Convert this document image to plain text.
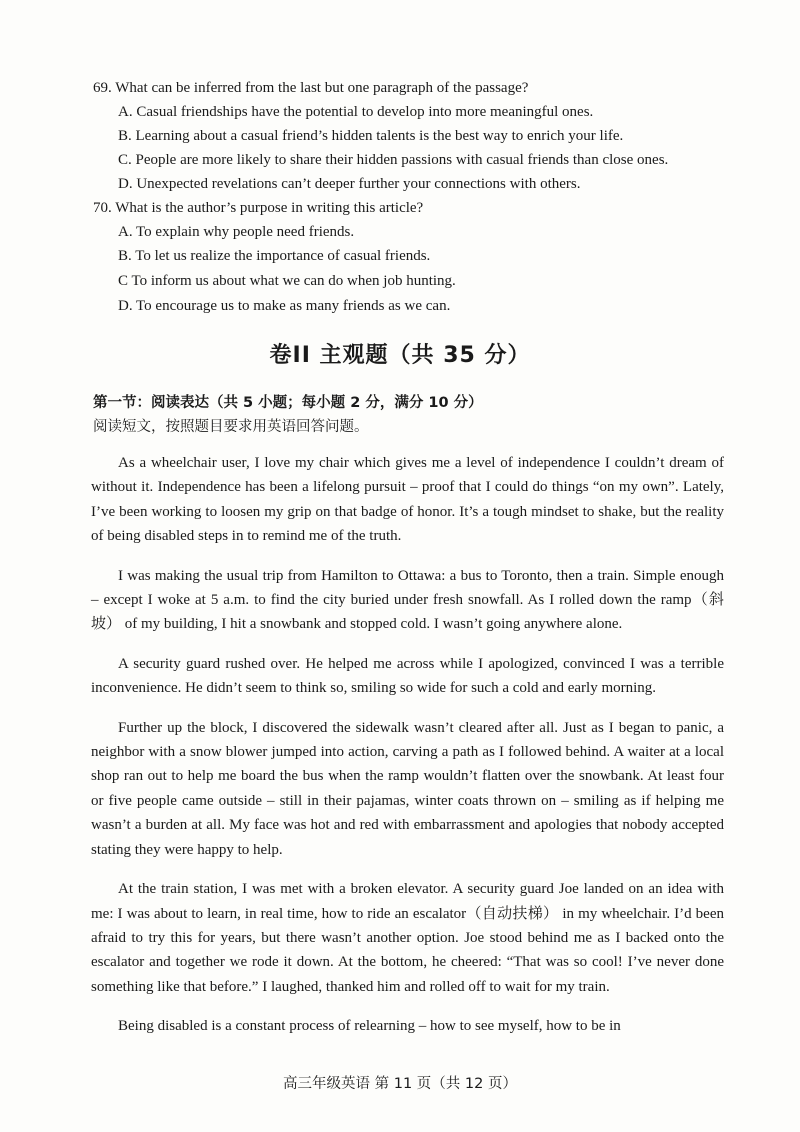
69. What can be inferred from the last but one paragraph of the passage?
A. Casual friendships have the potential to develop into more meaningful ones.
B. Learning about a casual friend’s hidden talents is the best way to enrich your life.
C. People are more likely to share their hidden passions with casual friends than close ones.
D. Unexpected revelations can’t deeper further your connections with others.
70. What is the author’s purpose in writing this article?
A. To explain why people need friends.
B. To let us realize the importance of casual friends.
C To inform us about what we can do when job hunting.
D. To encourage us to make as many friends as we can.
卷II 主观题（共 35 分）
第一节：阅读表达（共 5 小题；每小题 2 分，满分 10 分）
阅读短文，按照题目要求用英语回答问题。

As a wheelchair user, I love my chair which gives me a level of independence I couldn’t dream of without it. Independence has been a lifelong pursuit – proof that I could do things “on my own”. Lately, I’ve been working to loosen my grip on that badge of honor. It’s a tough mindset to shake, but the reality of being disabled steps in to remind me of the truth.

I was making the usual trip from Hamilton to Ottawa: a bus to Toronto, then a train. Simple enough – except I woke at 5 a.m. to find the city buried under fresh snowfall. As I rolled down the ramp（斜坡） of my building, I hit a snowbank and stopped cold. I wasn’t going anywhere alone.

A security guard rushed over. He helped me across while I apologized, convinced I was a terrible inconvenience. He didn’t seem to think so, smiling so wide for such a cold and early morning.

Further up the block, I discovered the sidewalk wasn’t cleared after all. Just as I began to panic, a neighbor with a snow blower jumped into action, carving a path as I followed behind. A waiter at a local shop ran out to help me board the bus when the ramp wouldn’t flatten over the snowbank. At least four or five people came outside – still in their pajamas, winter coats thrown on – smiling as if helping me wasn’t a burden at all. My face was hot and red with embarrassment and apologies that nobody accepted stating they were happy to help.

At the train station, I was met with a broken elevator. A security guard Joe landed on an idea with me: I was about to learn, in real time, how to ride an escalator（自动扶梯） in my wheelchair. I’d been afraid to try this for years, but there wasn’t another option. Joe stood behind me as I backed onto the escalator and together we rode it down. At the bottom, he cheered: “That was so cool! I’ve never done something like that before.” I laughed, thanked him and rolled off to wait for my train.

Being disabled is a constant process of relearning – how to see myself, how to be in

高三年级英语 第 11 页（共 12 页）
